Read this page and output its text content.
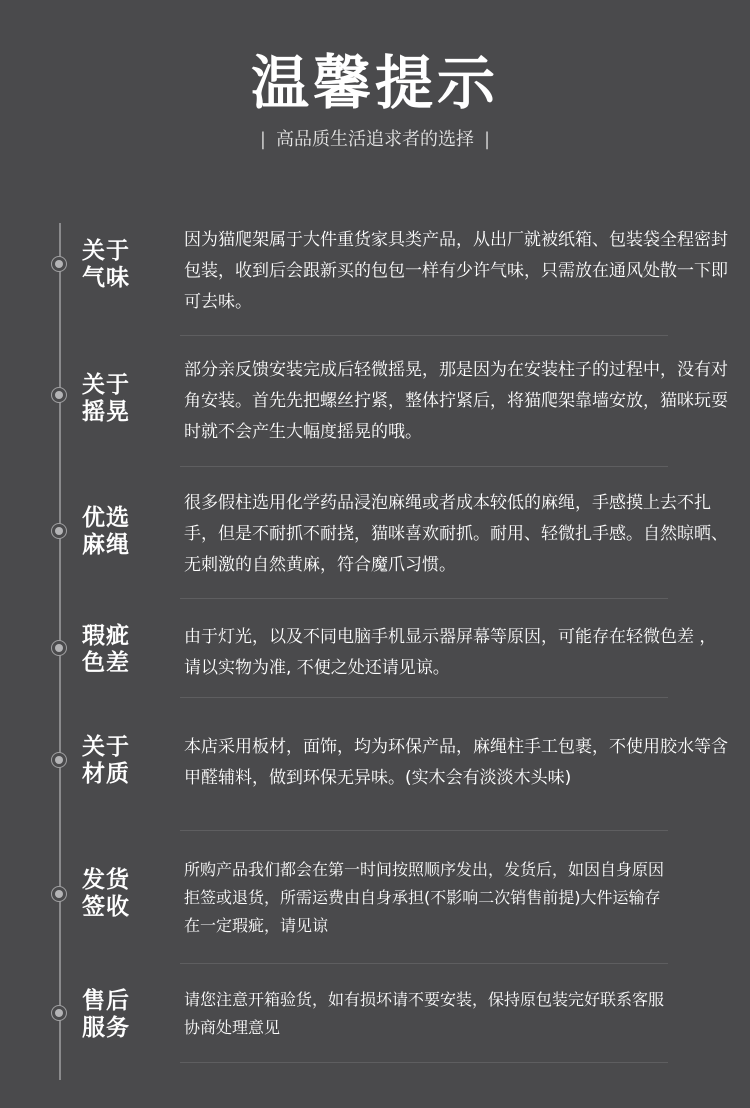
温馨提示
| 高品质生活追求者的选择 |
关于
气味
因为猫爬架属于大件重货家具类产品，从出厂就被纸箱、包装袋全程密封包装，收到后会跟新买的包包一样有少许气味，只需放在通风处散一下即可去味。
关于
摇晃
部分亲反馈安装完成后轻微摇晃，那是因为在安装柱子的过程中，没有对角安装。首先先把螺丝拧紧，整体拧紧后，将猫爬架靠墙安放，猫咪玩耍时就不会产生大幅度摇晃的哦。
优选
麻绳
很多假柱选用化学药品浸泡麻绳或者成本较低的麻绳，手感摸上去不扎手，但是不耐抓不耐挠，猫咪喜欢耐抓。耐用、轻微扎手感。自然晾晒、无刺激的自然黄麻，符合魔爪习惯。
瑕疵
色差
由于灯光，以及不同电脑手机显示器屏幕等原因，可能存在轻微色差 ，请以实物为准, 不便之处还请见谅。
关于
材质
本店采用板材，面饰，均为环保产品，麻绳柱手工包裹，不使用胶水等含甲醛辅料，做到环保无异味。(实木会有淡淡木头味)
发货
签收
所购产品我们都会在第一时间按照顺序发出，发货后，如因自身原因拒签或退货，所需运费由自身承担(不影响二次销售前提)大件运输存在一定瑕疵，请见谅
售后
服务
请您注意开箱验货，如有损坏请不要安装，保持原包装完好联系客服协商处理意见
